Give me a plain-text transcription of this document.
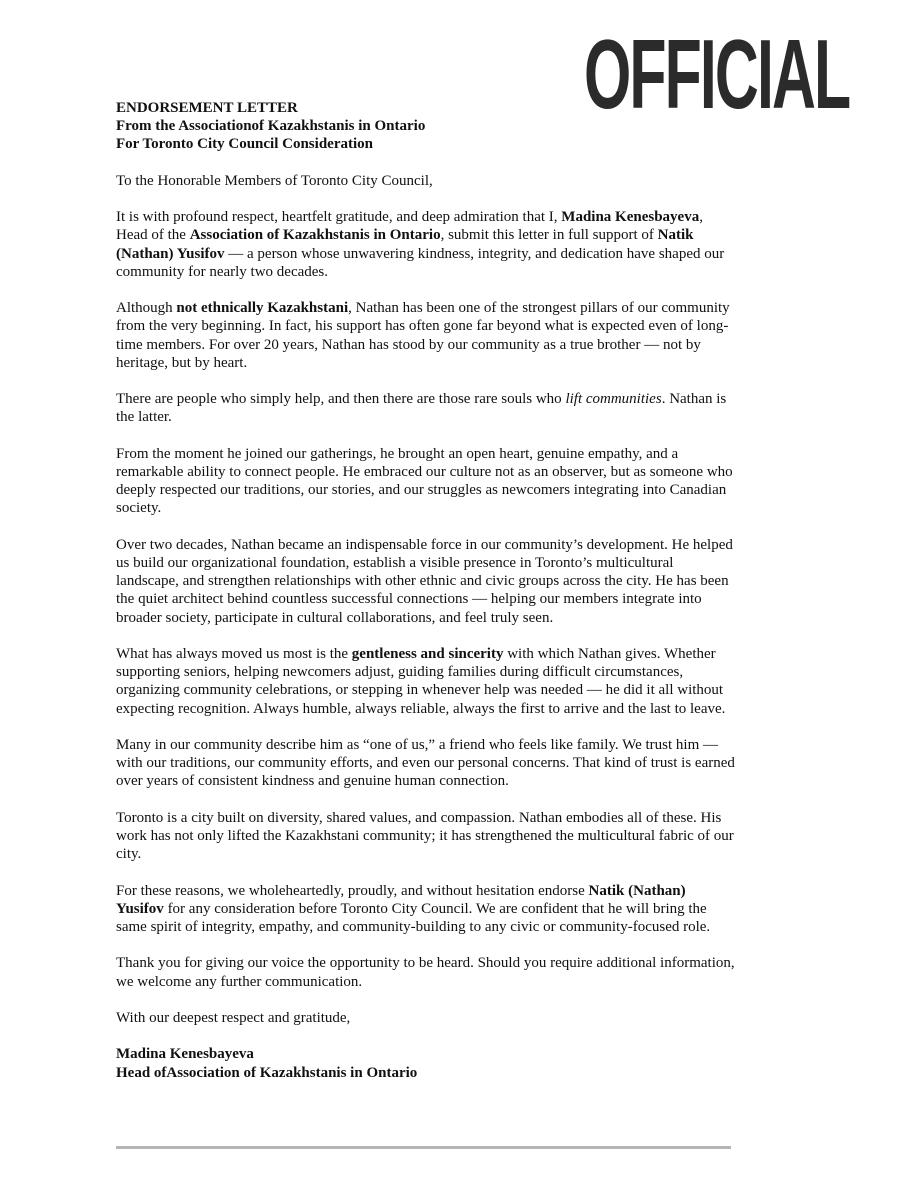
OFFICIAL

ENDORSEMENT LETTER

From the Associationof Kazakhstanis in Ontario

For Toronto City Council Consideration

To the Honorable Members of Toronto City Council,

It is with profound respect, heartfelt gratitude, and deep admiration that I, Madina Kenesbayeva, Head of the Association of Kazakhstanis in Ontario, submit this letter in full support of Natik (Nathan) Yusifov — a person whose unwavering kindness, integrity, and dedication have shaped our community for nearly two decades.

Although not ethnically Kazakhstani, Nathan has been one of the strongest pillars of our community from the very beginning. In fact, his support has often gone far beyond what is expected even of long-time members. For over 20 years, Nathan has stood by our community as a true brother — not by heritage, but by heart.

There are people who simply help, and then there are those rare souls who lift communities. Nathan is the latter.

From the moment he joined our gatherings, he brought an open heart, genuine empathy, and a remarkable ability to connect people. He embraced our culture not as an observer, but as someone who deeply respected our traditions, our stories, and our struggles as newcomers integrating into Canadian society.

Over two decades, Nathan became an indispensable force in our community’s development. He helped us build our organizational foundation, establish a visible presence in Toronto’s multicultural landscape, and strengthen relationships with other ethnic and civic groups across the city. He has been the quiet architect behind countless successful connections — helping our members integrate into broader society, participate in cultural collaborations, and feel truly seen.

What has always moved us most is the gentleness and sincerity with which Nathan gives. Whether supporting seniors, helping newcomers adjust, guiding families during difficult circumstances, organizing community celebrations, or stepping in whenever help was needed — he did it all without expecting recognition. Always humble, always reliable, always the first to arrive and the last to leave.

Many in our community describe him as “one of us,” a friend who feels like family. We trust him — with our traditions, our community efforts, and even our personal concerns. That kind of trust is earned over years of consistent kindness and genuine human connection.

Toronto is a city built on diversity, shared values, and compassion. Nathan embodies all of these. His work has not only lifted the Kazakhstani community; it has strengthened the multicultural fabric of our city.

For these reasons, we wholeheartedly, proudly, and without hesitation endorse Natik (Nathan) Yusifov for any consideration before Toronto City Council. We are confident that he will bring the same spirit of integrity, empathy, and community-building to any civic or community-focused role.

Thank you for giving our voice the opportunity to be heard. Should you require additional information, we welcome any further communication.

With our deepest respect and gratitude,

Madina Kenesbayeva

Head ofAssociation of Kazakhstanis in Ontario
